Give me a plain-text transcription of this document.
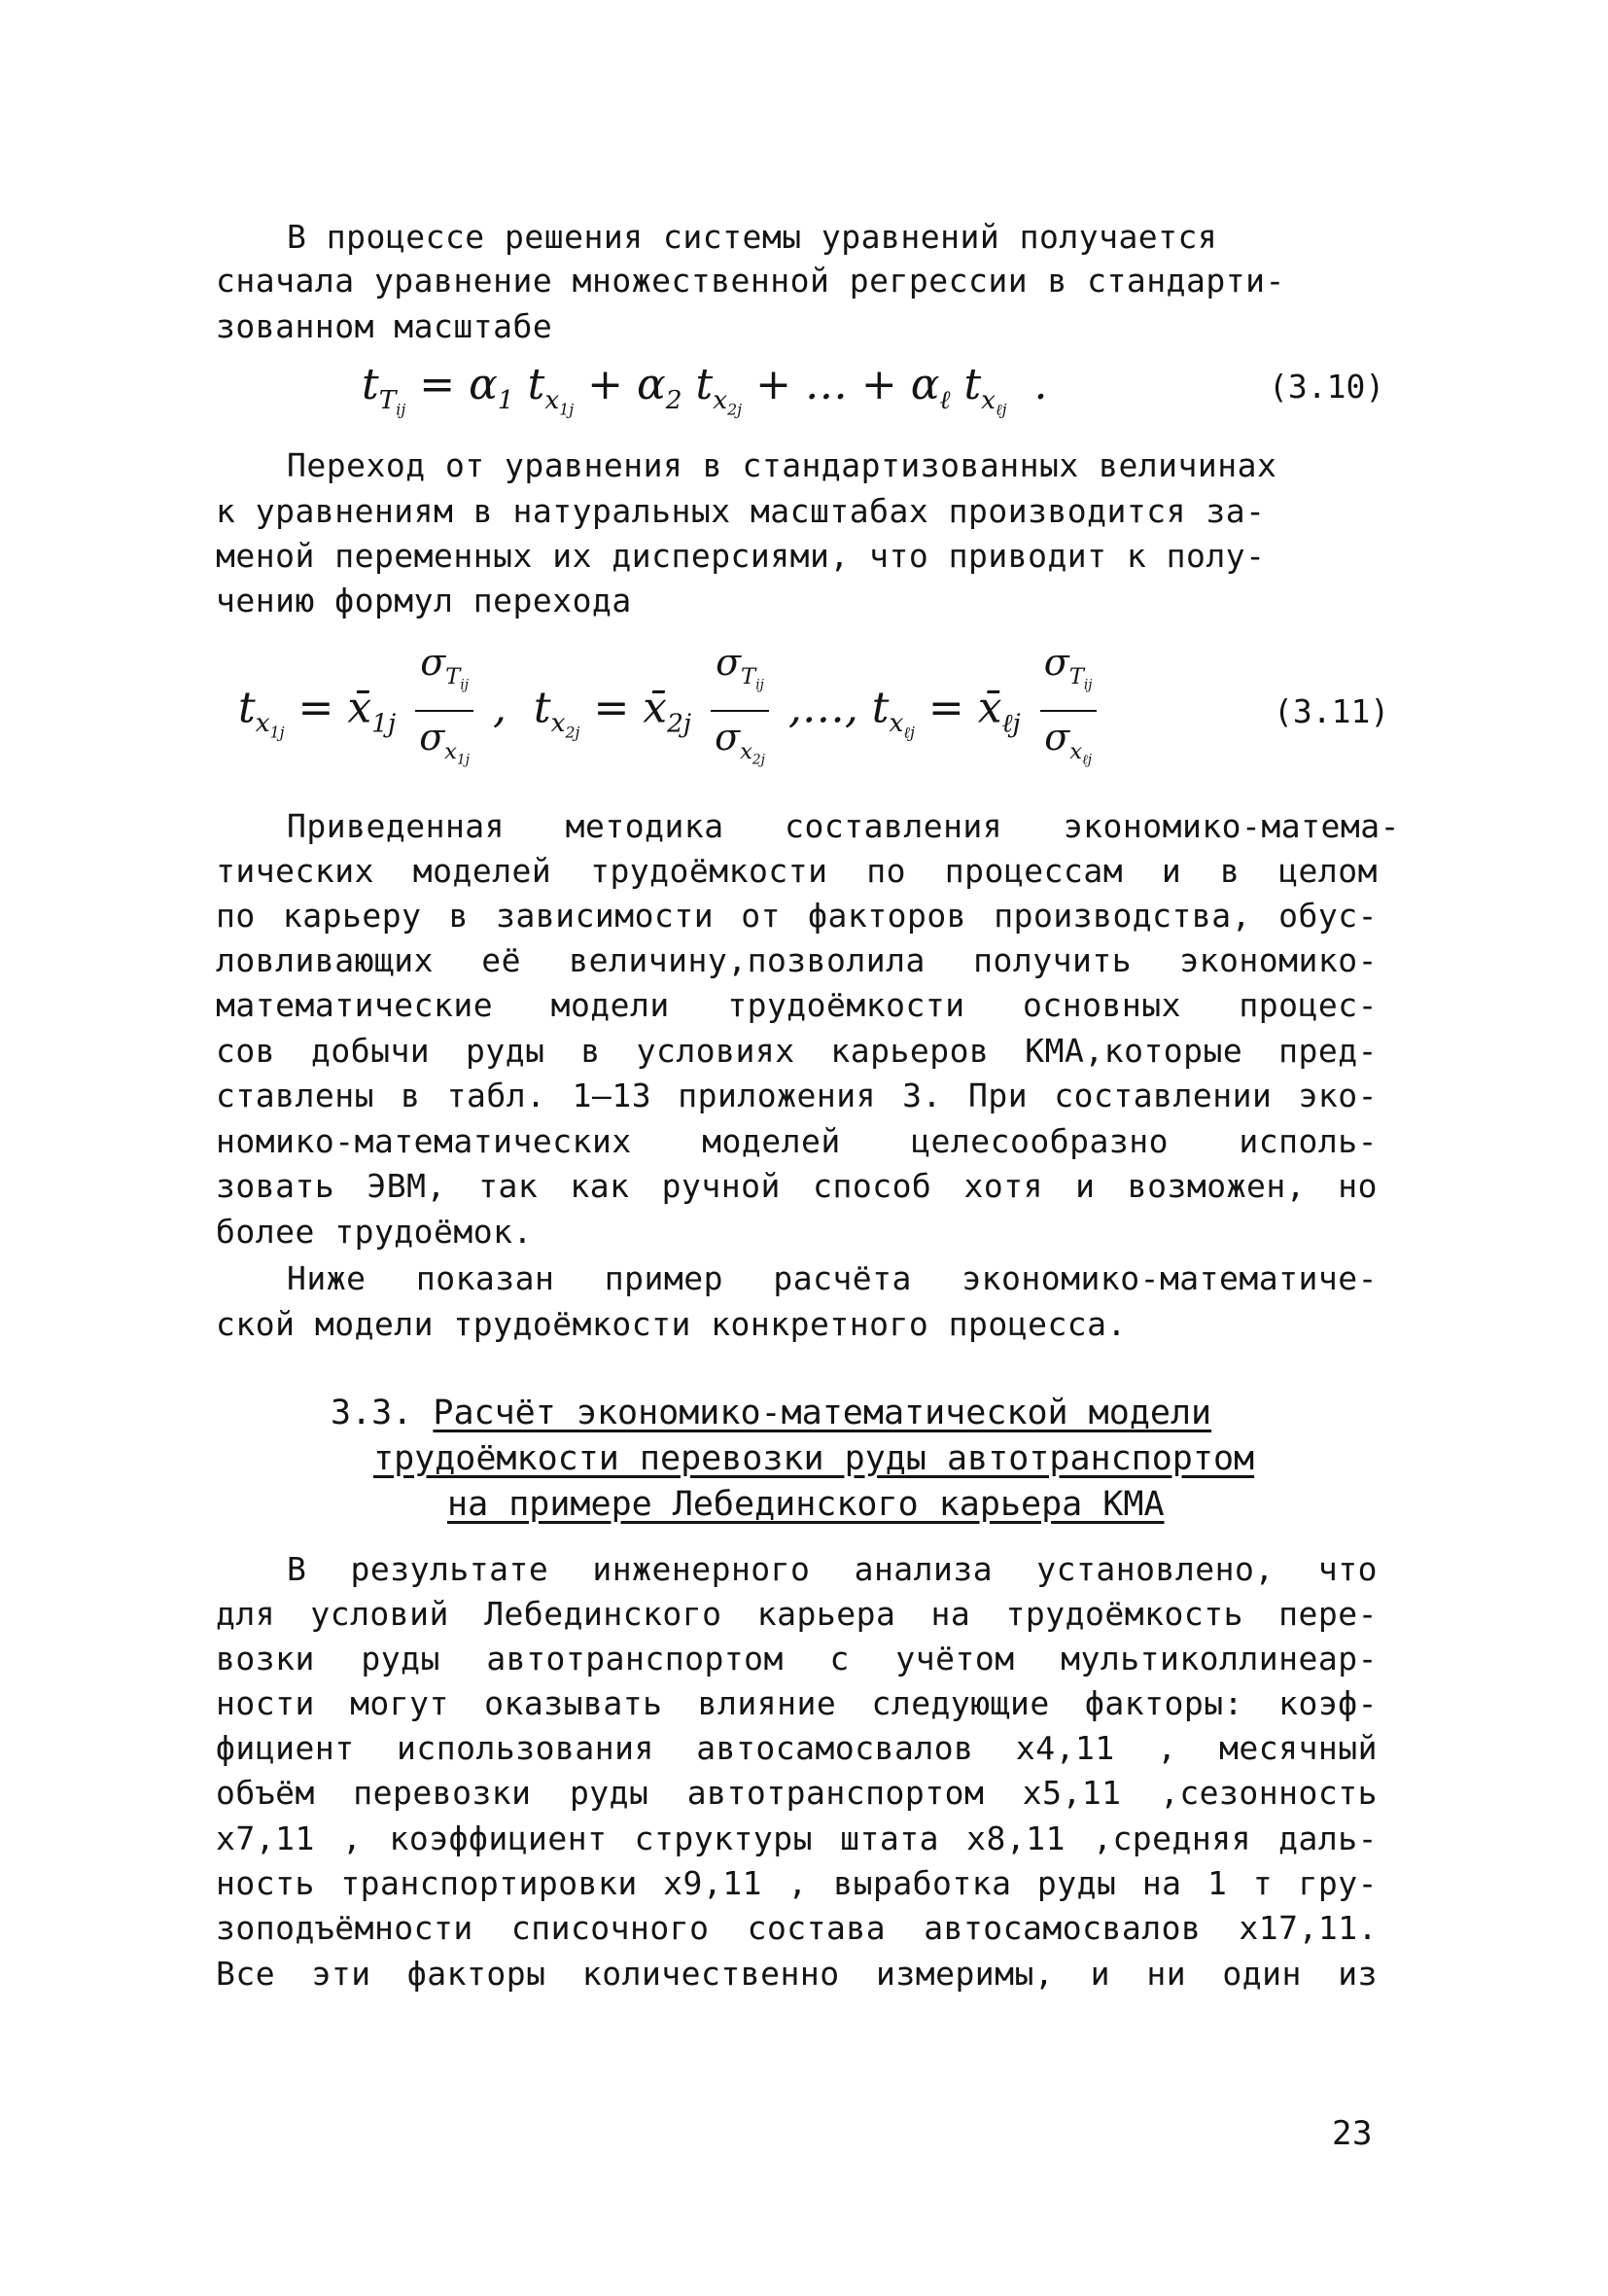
В процессе решения системы уравнений получается
сначала уравнение множественной регрессии в стандарти-
зованном масштабе
$t_{T_{ij}} = \alpha_1$ $t_{x_{1j}} + \alpha_2$ $t_{x_{2j}}$ + … + $\alpha_\ell$ $t_{x_{\ell j}}$  .	(3.10)
Переход от уравнения в стандартизованных величинах
к уравнениям в натуральных масштабах производится за-
меной переменных их дисперсиями, что приводит к полу-
чению формул перехода
$t_{x_{1j}}$ = $x̄_{1j} \frac{\sigma_{T_{ij}}}{\sigma_{x_{1j}}}$ ,  $t_{x_{2j}}$ = $x̄_{2j} \frac{\sigma_{T_{ij}}}{\sigma_{x_{2j}}}$ ,…, $t_{x_{\ell j}}$ = $x̄_{\ell j} \frac{\sigma_{T_{ij}}}{\sigma_{x_{\ell j}}}$	(3.11)
Приведенная методика составления экономико-матема-
тических моделей трудоёмкости по процессам и в целом
по карьеру в зависимости от факторов производства, обус-
ловливающих её величину,позволила получить экономико-
математические модели трудоёмкости основных процес-
сов добычи руды в условиях карьеров КМА,которые пред-
ставлены в табл. 1–13 приложения 3. При составлении эко-
номико-математических моделей целесообразно исполь-
зовать ЭВМ, так как ручной способ хотя и возможен, но
более трудоёмок.
Ниже показан пример расчёта экономико-математиче-
ской модели трудоёмкости конкретного процесса.
3.3. Расчёт экономико-математической модели
трудоёмкости перевозки руды автотранспортом
на примере Лебединского карьера КМА
В результате инженерного анализа установлено, что
для условий Лебединского карьера на трудоёмкость пере-
возки руды автотранспортом с учётом мультиколлинеар-
ности могут оказывать влияние следующие факторы: коэф-
фициент использования автосамосвалов x4,11 , месячный
объём перевозки руды автотранспортом x5,11 ,сезонность
x7,11 , коэффициент структуры штата x8,11 ,средняя даль-
ность транспортировки x9,11 , выработка руды на 1 т гру-
зоподъёмности списочного состава автосамосвалов x17,11.
Все эти факторы количественно измеримы, и ни один из
23
